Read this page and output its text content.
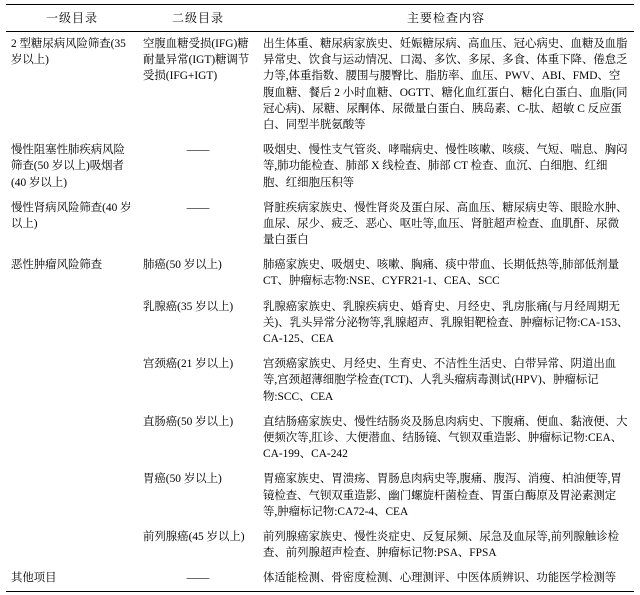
一级目录	二级目录	主要检查内容
2 型糖尿病风险筛查(35 岁以上)	空腹血糖受损(IFG)糖耐量异常(IGT)糖调节受损(IFG+IGT)	出生体重、糖尿病家族史、妊娠糖尿病、高血压、冠心病史、血糖及血脂异常史、饮食与运动情况、口渴、多饮、多尿、多食、体重下降、倦怠乏力等,体重指数、腰围与腰臀比、脂肪率、血压、PWV、ABI、FMD、空腹血糖、餐后 2 小时血糖、OGTT、糖化血红蛋白、糖化白蛋白、血脂(同冠心病)、尿糖、尿酮体、尿微量白蛋白、胰岛素、C-肽、超敏 C 反应蛋白、同型半胱氨酸等
慢性阻塞性肺疾病风险筛查(50 岁以上)吸烟者(40 岁以上)	——	吸烟史、慢性支气管炎、哮喘病史、慢性咳嗽、咳痰、气短、喘息、胸闷等,肺功能检查、肺部 X 线检查、肺部 CT 检查、血沉、白细胞、红细胞、红细胞压积等
慢性肾病风险筛查(40 岁以上)	——	肾脏疾病家族史、慢性肾炎及蛋白尿、高血压、糖尿病史等、眼睑水肿、血尿、尿少、疲乏、恶心、呕吐等,血压、肾脏超声检查、血肌酐、尿微量白蛋白
恶性肿瘤风险筛查	肺癌(50 岁以上)	肺癌家族史、吸烟史、咳嗽、胸痛、痰中带血、长期低热等,肺部低剂量 CT、肿瘤标志物:NSE、CYFR21-1、CEA、SCC
	乳腺癌(35 岁以上)	乳腺癌家族史、乳腺疾病史、婚育史、月经史、乳房胀痛(与月经周期无关)、乳头异常分泌物等,乳腺超声、乳腺钼靶检查、肿瘤标记物:CA-153、CA-125、CEA
	宫颈癌(21 岁以上)	宫颈癌家族史、月经史、生育史、不洁性生活史、白带异常、阴道出血等,宫颈超薄细胞学检查(TCT)、人乳头瘤病毒测试(HPV)、肿瘤标记物:SCC、CEA
	直肠癌(50 岁以上)	直结肠癌家族史、慢性结肠炎及肠息肉病史、下腹痛、便血、黏液便、大便频次等,肛诊、大便潜血、结肠镜、气钡双重造影、肿瘤标记物:CEA、CA-199、CA-242
	胃癌(50 岁以上)	胃癌家族史、胃溃疡、胃肠息肉病史等,腹痛、腹泻、消瘦、柏油便等,胃镜检查、气钡双重造影、幽门螺旋杆菌检查、胃蛋白酶原及胃泌素测定等,肿瘤标记物:CA72-4、CEA
	前列腺癌(45 岁以上)	前列腺癌家族史、慢性炎症史、反复尿频、尿急及血尿等,前列腺触诊检查、前列腺超声检查、肿瘤标记物:PSA、FPSA
其他项目	——	体适能检测、骨密度检测、心理测评、中医体质辨识、功能医学检测等
